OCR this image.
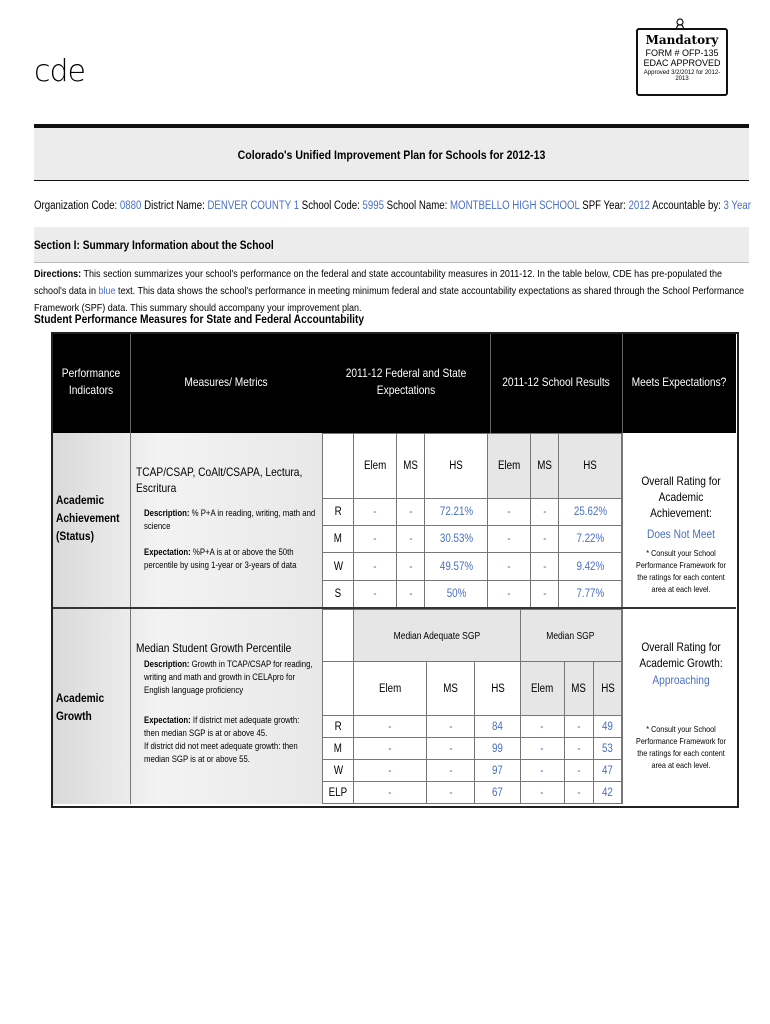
cde
Mandatory
FORM # OFP-135
EDAC APPROVED
Approved 3/2/2012 for 2012-2013
Colorado's Unified Improvement Plan for Schools for 2012-13
Organization Code: 0880 District Name: DENVER COUNTY 1 School Code: 5995 School Name: MONTBELLO HIGH SCHOOL SPF Year: 2012 Accountable by: 3 Year
Section I: Summary Information about the School
Directions: This section summarizes your school's performance on the federal and state accountability measures in 2011-12. In the table below, CDE has pre-populated the school's data in blue text. This data shows the school's performance in meeting minimum federal and state accountability expectations as shared through the School Performance Framework (SPF) data. This summary should accompany your improvement plan.
Student Performance Measures for State and Federal Accountability
Performance Indicators
Measures/ Metrics
2011-12 Federal and State Expectations
2011-12 School Results Meets Expectations?
Academic Achievement (Status)
TCAP/CSAP, CoAlt/CSAPA, Lectura, Escritura
Description: % P+A in reading, writing, math and science
Expectation: %P+A is at or above the 50th percentile by using 1-year or 3-years of data
	Elem	MS	HS	Elem	MS	HS
R	-	-	72.21%	-	-	25.62%
M	-	-	30.53%	-	-	7.22%
W	-	-	49.57%	-	-	9.42%
S	-	-	50%	-	-	7.77%
Overall Rating for Academic Achievement:
Does Not Meet
* Consult your School Performance Framework for the ratings for each content area at each level.
Academic Growth
Median Student Growth Percentile
Description: Growth in TCAP/CSAP for reading, writing and math and growth in CELApro for English language proficiency
Expectation: If district met adequate growth: then median SGP is at or above 45.
If district did not meet adequate growth: then median SGP is at or above 55.
	Median Adequate SGP			Median SGP		
	Elem	MS	HS	Elem	MS	HS
R	-	-	84	-	-	49
M	-	-	99	-	-	53
W	-	-	97	-	-	47
ELP	-	-	67	-	-	42
Overall Rating for Academic Growth:
Approaching
* Consult your School Performance Framework for the ratings for each content area at each level.
